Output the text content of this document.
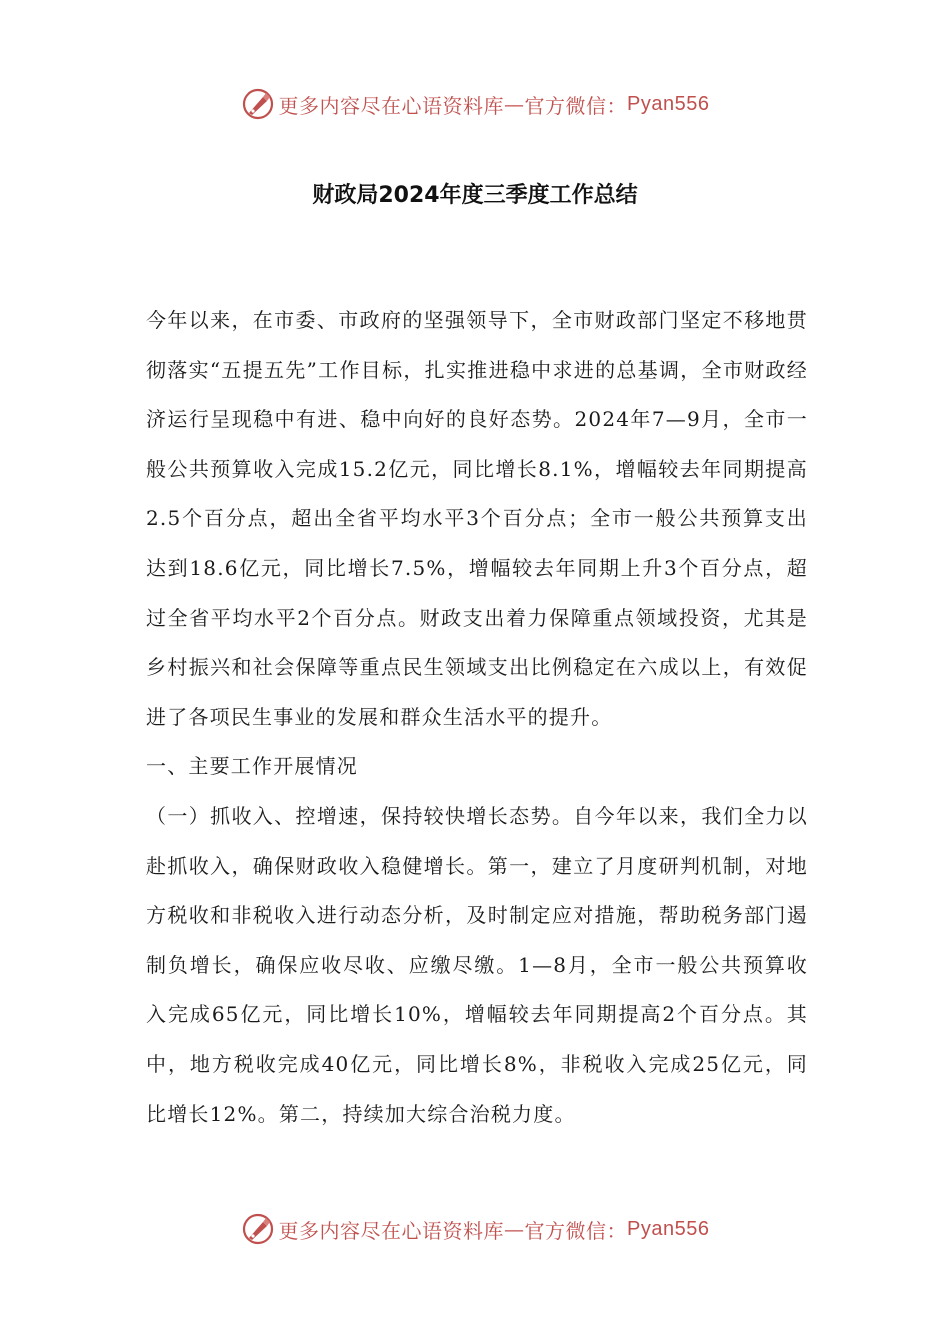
更多内容尽在心语资料库 — 官方微信： Pyan556
财政局2024年度三季度工作总结

今年以来，在市委、市政府的坚强领导下，全市财政部门坚定不移地贯彻落实“五提五先”工作目标，扎实推进稳中求进的总基调，全市财政经济运行呈现稳中有进、稳中向好的良好态势。2024年7—9月，全市一般公共预算收入完成15.2亿元，同比增长8.1%，增幅较去年同期提高2.5个百分点，超出全省平均水平3个百分点；全市一般公共预算支出达到18.6亿元，同比增长7.5%，增幅较去年同期上升3个百分点，超过全省平均水平2个百分点。财政支出着力保障重点领域投资，尤其是乡村振兴和社会保障等重点民生领域支出比例稳定在六成以上，有效促进了各项民生事业的发展和群众生活水平的提升。

一、主要工作开展情况

（一）抓收入、控增速，保持较快增长态势。自今年以来，我们全力以赴抓收入，确保财政收入稳健增长。第一，建立了月度研判机制，对地方税收和非税收入进行动态分析，及时制定应对措施，帮助税务部门遏制负增长，确保应收尽收、应缴尽缴。1—8月，全市一般公共预算收入完成65亿元，同比增长10%，增幅较去年同期提高2个百分点。其中，地方税收完成40亿元，同比增长8%，非税收入完成25亿元，同比增长12%。第二，持续加大综合治税力度。

更多内容尽在心语资料库 — 官方微信： Pyan556
